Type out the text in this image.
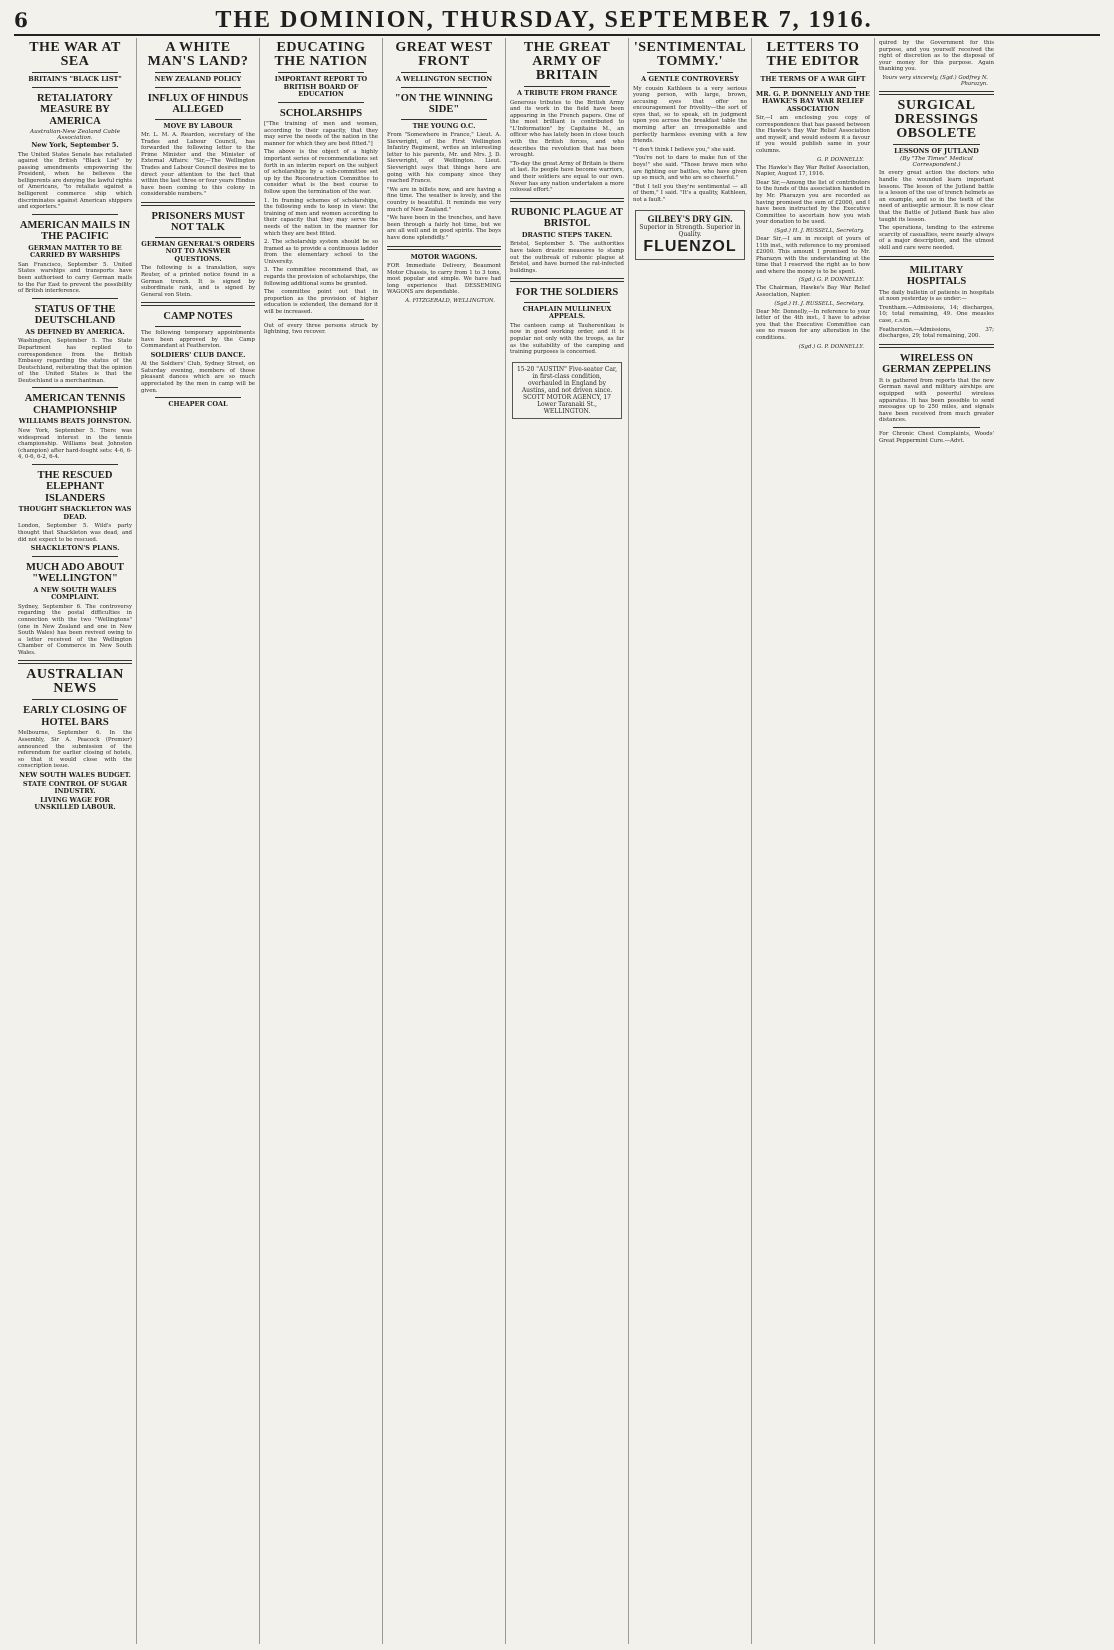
6	THE DOMINION, THURSDAY, SEPTEMBER 7, 1916.
THE WAR AT SEA
BRITAIN'S "BLACK LIST"
RETALIATORY MEASURE BY AMERICA
Australian-New Zealand Cable Association.
New York, September 5.
The United States Senate has retaliated against the British "Black List" by passing amendments empowering the President, when he believes the belligerents are denying the lawful rights of Americans, "to retaliate against a belligerent commerce ship which discriminates against American shippers and exporters."
AMERICAN MAILS IN THE PACIFIC
GERMAN MATTER TO BE CARRIED BY WARSHIPS
San Francisco, September 5. United States warships and transports have been authorised to carry German mails to the Far East to prevent the possibility of British interference.
STATUS OF THE DEUTSCHLAND
AS DEFINED BY AMERICA.
Washington, September 5. The State Department has replied to correspondence from the British Embassy regarding the status of the Deutschland, reiterating that the opinion of the United States is that the Deutschland is a merchantman.
AMERICAN TENNIS CHAMPIONSHIP
WILLIAMS BEATS JOHNSTON.
New York, September 5. There was widespread interest in the tennis championship. Williams beat Johnston (champion) after hard-fought sets: 4-6, 6-4, 0-6, 6-2, 6-4.
THE RESCUED ELEPHANT ISLANDERS
THOUGHT SHACKLETON WAS DEAD.
London, September 5. Wild's party thought that Shackleton was dead, and did not expect to be rescued.
SHACKLETON'S PLANS.
MUCH ADO ABOUT "WELLINGTON"
A NEW SOUTH WALES COMPLAINT.
Sydney, September 6. The controversy regarding the postal difficulties in connection with the two "Wellingtons" (one in New Zealand and one in New South Wales) has been revived owing to a letter received of the Wellington Chamber of Commerce in New South Wales.
AUSTRALIAN NEWS
EARLY CLOSING OF HOTEL BARS
Melbourne, September 6. In the Assembly, Sir A. Peacock (Premier) announced the submission of the referendum for earlier closing of hotels, so that it would close with the conscription issue.
NEW SOUTH WALES BUDGET.
STATE CONTROL OF SUGAR INDUSTRY.
LIVING WAGE FOR UNSKILLED LABOUR.
A WHITE MAN'S LAND?
NEW ZEALAND POLICY
INFLUX OF HINDUS ALLEGED
MOVE BY LABOUR
Mr. L. M. A. Reardon, secretary of the Trades and Labour Council, has forwarded the following letter to the Prime Minister and the Minister of External Affairs: "Sir,—The Wellington Trades and Labour Council desires me to direct your attention to the fact that within the last three or four years Hindus have been coming to this colony in considerable numbers."
PRISONERS MUST NOT TALK
GERMAN GENERAL'S ORDERS NOT TO ANSWER QUESTIONS.
The following is a translation, says Reuter, of a printed notice found in a German trench. It is signed by subordinate rank, and is signed by General von Stein.
CAMP NOTES
The following temporary appointments have been approved by the Camp Commandant at Featherston.
SOLDIERS' CLUB DANCE.
At the Soldiers' Club, Sydney Street, on Saturday evening, members of those pleasant dances which are so much appreciated by the men in camp will be given.
CHEAPER COAL
EDUCATING THE NATION
IMPORTANT REPORT TO BRITISH BOARD OF EDUCATION
SCHOLARSHIPS
["The training of men and women, according to their capacity, that they may serve the needs of the nation in the manner for which they are best fitted."]
The above is the object of a highly important series of recommendations set forth in an interim report on the subject of scholarships by a sub-committee set up by the Reconstruction Committee to consider what is the best course to follow upon the termination of the war.
1. In framing schemes of scholarships, the following ends to keep in view: the training of men and women according to their capacity that they may serve the needs of the nation in the manner for which they are best fitted.
2. The scholarship system should be so framed as to provide a continuous ladder from the elementary school to the University.
3. The committee recommend that, as regards the provision of scholarships, the following additional sums be granted.
The committee point out that in proportion as the provision of higher education is extended, the demand for it will be increased.
Out of every three persons struck by lightning, two recover.
GREAT WEST FRONT
A WELLINGTON SECTION
"ON THE WINNING SIDE"
THE YOUNG O.C.
From "Somewhere in France," Lieut. A. Sievwright, of the First Wellington Infantry Regiment, writes an interesting letter to his parents, Mr. and Mrs. J. D. Sievwright, of Wellington. Lieut. Sievwright says that things here are going with his company since they reached France.
"We are in billets now, and are having a fine time. The weather is lovely, and the country is beautiful. It reminds me very much of New Zealand."
"We have been in the trenches, and have been through a fairly hot time, but we are all well and in good spirits. The boys have done splendidly."
MOTOR WAGONS.
FOR Immediate Delivery, Beaumont Motor Chassis, to carry from 1 to 3 tons, most popular and simple. We have had long experience that DESSEMING WAGONS are dependable.
A. FITZGERALD, WELLINGTON.
THE GREAT ARMY OF BRITAIN
A TRIBUTE FROM FRANCE
Generous tributes to the British Army and its work in the field have been appearing in the French papers. One of the most brilliant is contributed to "L'Information" by Capitaine M., an officer who has lately been in close touch with the British forces, and who describes the revolution that has been wrought.
"To-day the great Army of Britain is there at last. Its people have become warriors, and their soldiers are equal to our own. Never has any nation undertaken a more colossal effort."
RUBONIC PLAGUE AT BRISTOL
DRASTIC STEPS TAKEN.
Bristol, September 5. The authorities have taken drastic measures to stamp out the outbreak of rubonic plague at Bristol, and have burned the rat-infected buildings.
FOR THE SOLDIERS
CHAPLAIN MULLINEUX APPEALS.
The canteen camp at Tauherenikau is now in good working order, and it is popular not only with the troops, as far as the suitability of the camping and training purposes is concerned.
15-20 "AUSTIN" Five-seater Car, in first-class condition, overhauled in England by Austins, and not driven since.
SCOTT MOTOR AGENCY, 17 Lower Taranaki St., WELLINGTON.
'SENTIMENTAL TOMMY.'
A GENTLE CONTROVERSY
My cousin Kathleen is a very serious young person, with large, brown, accusing eyes that offer no encouragement for frivolity—the sort of eyes that, so to speak, sit in judgment upon you across the breakfast table the morning after an irresponsible and perfectly harmless evening with a few friends.
"I don't think I believe you," she said.
"You're not to dare to make fun of the boys!" she said. "Those brave men who are fighting our battles, who have given up so much, and who are so cheerful."
"But I tell you they're sentimental — all of them," I said. "It's a quality, Kathleen, not a fault."
GILBEY'S DRY GIN.
Superior in Strength. Superior in Quality.
FLUENZOL
LETTERS TO THE EDITOR
THE TERMS OF A WAR GIFT
MR. G. P. DONNELLY AND THE HAWKE'S BAY WAR RELIEF ASSOCIATION
Sir,—I am enclosing you copy of correspondence that has passed between the Hawke's Bay War Relief Association and myself, and would esteem it a favour if you would publish same in your columns.
G. P. DONNELLY.
The Hawke's Bay War Relief Association, Napier, August 17, 1916.
Dear Sir,—Among the list of contributors to the funds of this association handed in by Mr. Pharazyn you are recorded as having promised the sum of £2000, and I have been instructed by the Executive Committee to ascertain how you wish your donation to be used.
(Sgd.) H. J. RUSSELL, Secretary.
Dear Sir,—I am in receipt of yours of 11th inst., with reference to my promised £2000. This amount I promised to Mr. Pharazyn with the understanding at the time that I reserved the right as to how and where the money is to be spent.
(Sgd.) G. P. DONNELLY.
The Chairman, Hawke's Bay War Relief Association, Napier.
(Sgd.) H. J. RUSSELL, Secretary.
Dear Mr. Donnelly,—In reference to your letter of the 4th inst., I have to advise you that the Executive Committee can see no reason for any alteration in the conditions.
(Sgd.) G. P. DONNELLY.
quired by the Government for this purpose, and you yourself received the right of discretion as to the disposal of your money for this purpose. Again thanking you.
Yours very sincerely, (Sgd.) Godfrey N. Pharazyn.
SURGICAL DRESSINGS OBSOLETE
LESSONS OF JUTLAND
(By "The Times" Medical Correspondent.)
In every great action the doctors who handle the wounded learn important lessons. The lesson of the Jutland battle is a lesson of the use of trench helmets as an example, and so in the teeth of the need of antiseptic armour. It is now clear that the Battle of Jutland Bank has also taught its lesson.
The operations, tending to the extreme scarcity of casualties, were nearly always of a major description, and the utmost skill and care were needed.
MILITARY HOSPITALS
The daily bulletin of patients in hospitals at noon yesterday is as under:—
Trentham.—Admissions, 14; discharges, 10; total remaining, 49. One measles case, c.s.m.
Featherston.—Admissions, 37; discharges, 29; total remaining, 200.
WIRELESS ON GERMAN ZEPPELINS
It is gathered from reports that the new German naval and military airships are equipped with powerful wireless apparatus. It has been possible to send messages up to 250 miles, and signals have been received from much greater distances.
For Chronic Chest Complaints, Woods' Great Peppermint Cure.—Advt.
